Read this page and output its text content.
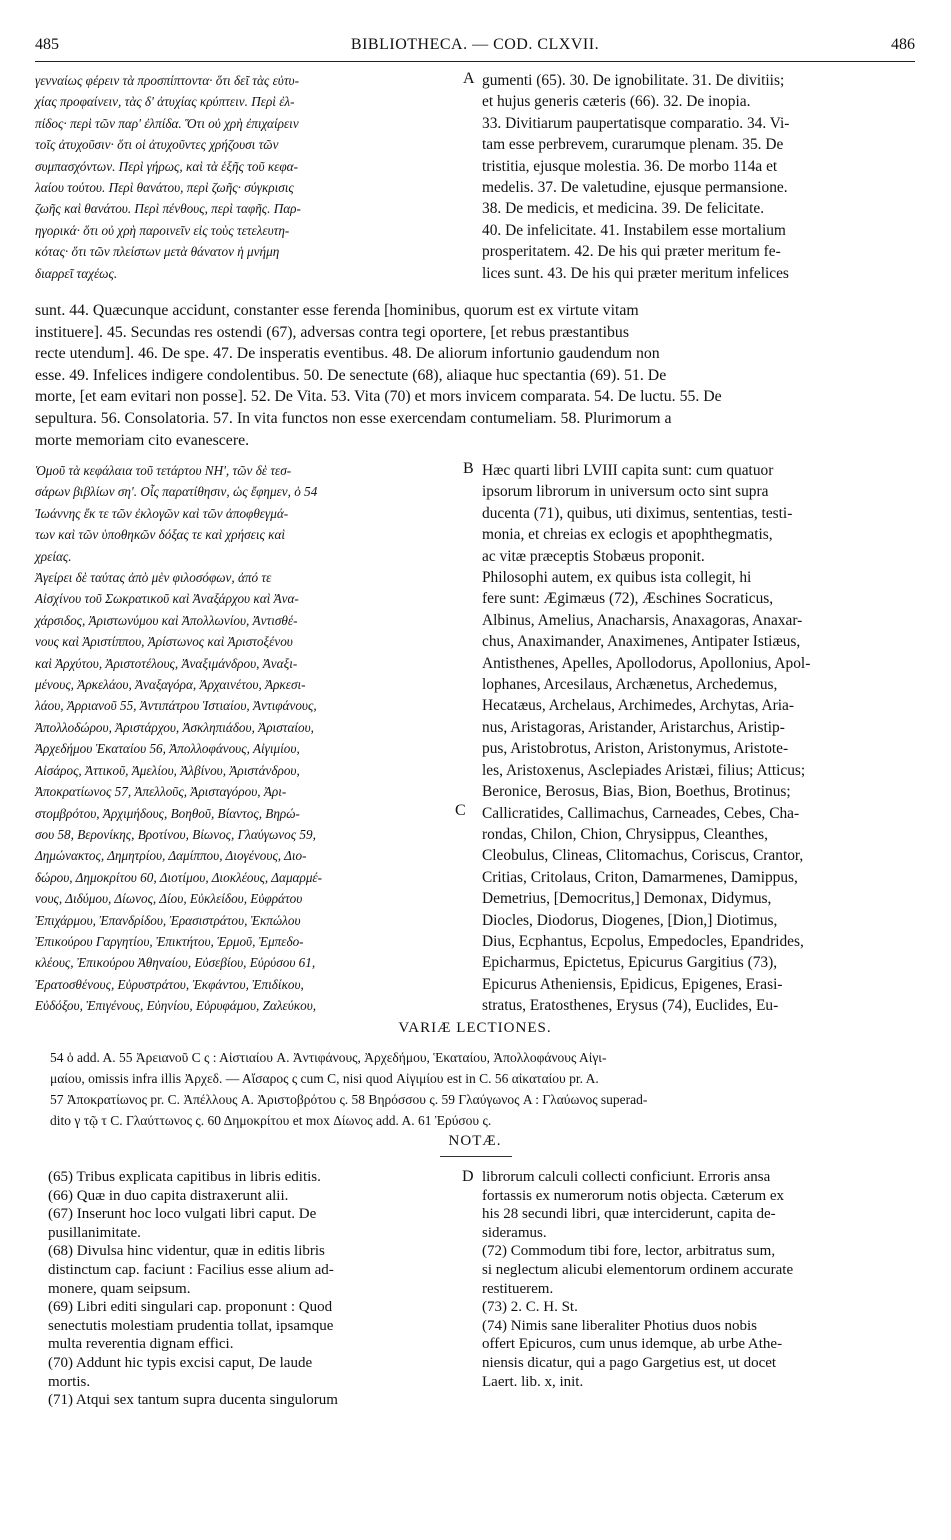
485	BIBLIOTHECA. — COD. CLXVII.	486
γενναίως φέρειν τὰ προσπίπτοντα· ὅτι δεῖ τὰς εὐτυ-
χίας προφαίνειν, τὰς δ' ἀτυχίας κρύπτειν. Περὶ ἐλ-
πίδος· περὶ τῶν παρ' ἐλπίδα. Ὅτι οὐ χρὴ ἐπιχαίρειν
τοῖς ἀτυχοῦσιν· ὅτι οἱ ἀτυχοῦντες χρήζουσι τῶν
συμπασχόντων. Περὶ γήρως, καὶ τὰ ἑξῆς τοῦ κεφα-
λαίου τούτου. Περὶ θανάτου, περὶ ζωῆς· σύγκρισις
ζωῆς καὶ θανάτου. Περὶ πένθους, περὶ ταφῆς. Παρ-
ηγορικά· ὅτι οὐ χρὴ παροινεῖν εἰς τοὺς τετελευτη-
κότας· ὅτι τῶν πλείστων μετὰ θάνατον ἡ μνήμη
διαρρεῖ ταχέως.
A gumenti (65). 30. De ignobilitate. 31. De divitiis;
et hujus generis cæteris (66). 32. De inopia.
33. Divitiarum paupertatisque comparatio. 34. Vi-
tam esse perbrevem, curarumque plenam. 35. De
tristitia, ejusque molestia. 36. De morbo 114a et
medelis. 37. De valetudine, ejusque permansione.
38. De medicis, et medicina. 39. De felicitate.
40. De infelicitate. 41. Instabilem esse mortalium
prosperitatem. 42. De his qui præter meritum fe-
lices sunt. 43. De his qui præter meritum infelices
sunt. 44. Quæcunque accidunt, constanter esse ferenda [hominibus, quorum est ex virtute vitam
instituere]. 45. Secundas res ostendi (67), adversas contra tegi oportere, [et rebus præstantibus
recte utendum]. 46. De spe. 47. De insperatis eventibus. 48. De aliorum infortunio gaudendum non
esse. 49. Infelices indigere condolentibus. 50. De senectute (68), aliaque huc spectantia (69). 51. De
morte, [et eam evitari non posse]. 52. De Vita. 53. Vita (70) et mors invicem comparata. 54. De luctu. 55. De
sepultura. 56. Consolatoria. 57. In vita functos non esse exercendam contumeliam. 58. Plurimorum a
morte memoriam cito evanescere.
Ὁμοῦ τὰ κεφάλαια τοῦ τετάρτου ΝΗ', τῶν δὲ τεσ-
σάρων βιβλίων ση'. Οἷς παρατίθησιν, ὡς ἔφημεν, ὁ 54
Ἰωάννης ἔκ τε τῶν ἐκλογῶν καὶ τῶν ἀποφθεγμά-
των καὶ τῶν ὑποθηκῶν δόξας τε καὶ χρήσεις καὶ
χρείας.
Ἀγείρει δὲ ταύτας ἀπὸ μὲν φιλοσόφων, ἀπό τε
Αἰσχίνου τοῦ Σωκρατικοῦ καὶ Ἀναξάρχου καὶ Ἀνα-
χάρσιδος, Ἀριστωνύμου καὶ Ἀπολλωνίου, Ἀντισθέ-
νους καὶ Ἀριστίππου, Ἀρίστωνος καὶ Ἀριστοξένου
καὶ Ἀρχύτου, Ἀριστοτέλους, Ἀναξιμάνδρου, Ἀναξι-
μένους, Ἀρκελάου, Ἀναξαγόρα, Ἀρχαινέτου, Ἀρκεσι-
λάου, Ἀρριανοῦ 55, Ἀντιπάτρου Ἱστιαίου, Ἀντιφάνους,
Ἀπολλοδώρου, Ἀριστάρχου, Ἀσκληπιάδου, Ἀρισταίου,
Ἀρχεδήμου Ἑκαταίου 56, Ἀπολλοφάνους, Αἰγιμίου,
Αἰσάρος, Ἀττικοῦ, Ἀμελίου, Ἀλβίνου, Ἀριστάνδρου,
Ἀποκρατίωνος 57, Ἀπελλοῦς, Ἀρισταγόρου, Ἀρι-
στομβρότου, Ἀρχιμήδους, Βοηθοῦ, Βίαντος, Βηρώ-
σου 58, Βερονίκης, Βροτίνου, Βίωνος, Γλαύγωνος 59,
Δημώνακτος, Δημητρίου, Δαμίππου, Διογένους, Διο-
δώρου, Δημοκρίτου 60, Διοτίμου, Διοκλέους, Δαμαρμέ-
νους, Διδύμου, Δίωνος, Δίου, Εὐκλείδου, Εὐφράτου
Ἐπιχάρμου, Ἐπανδρίδου, Ἐρασιστράτου, Ἐκπώλου
Ἐπικούρου Γαργητίου, Ἐπικτήτου, Ἑρμοῦ, Ἐμπεδο-
κλέους, Ἐπικούρου Ἀθηναίου, Εὐσεβίου, Εὐρύσου 61,
Ἐρατοσθένους, Εὐρυστράτου, Ἐκφάντου, Ἐπιδίκου,
Εὐδόξου, Ἐπιγένους, Εὐηνίου, Εὐρυφάμου, Ζαλεύκου,
B
C
Hæc quarti libri LVIII capita sunt: cum quatuor
ipsorum librorum in universum octo sint supra
ducenta (71), quibus, uti diximus, sententias, testi-
monia, et chreias ex eclogis et apophthegmatis,
ac vitæ præceptis Stobæus proponit.
Philosophi autem, ex quibus ista collegit, hi
fere sunt: Ægimæus (72), Æschines Socraticus,
Albinus, Amelius, Anacharsis, Anaxagoras, Anaxar-
chus, Anaximander, Anaximenes, Antipater Istiæus,
Antisthenes, Apelles, Apollodorus, Apollonius, Apol-
lophanes, Arcesilaus, Archænetus, Archedemus,
Hecatæus, Archelaus, Archimedes, Archytas, Aria-
nus, Aristagoras, Aristander, Aristarchus, Aristip-
pus, Aristobrotus, Ariston, Aristonymus, Aristote-
les, Aristoxenus, Asclepiades Aristæi, filius; Atticus;
Beronice, Berosus, Bias, Bion, Boethus, Brotinus;
Callicratides, Callimachus, Carneades, Cebes, Cha-
rondas, Chilon, Chion, Chrysippus, Cleanthes,
Cleobulus, Clineas, Clitomachus, Coriscus, Crantor,
Critias, Critolaus, Criton, Damarmenes, Damippus,
Demetrius, [Democritus,] Demonax, Didymus,
Diocles, Diodorus, Diogenes, [Dion,] Diotimus,
Dius, Ecphantus, Ecpolus, Empedocles, Epandrides,
Epicharmus, Epictetus, Epicurus Gargitius (73),
Epicurus Atheniensis, Epidicus, Epigenes, Erasi-
stratus, Eratosthenes, Erysus (74), Euclides, Eu-
VARIÆ LECTIONES.
54 ὁ add. A. 55 Ἀρειανοῦ C ς : Αἰστιαίου A. Ἀντιφάνους, Ἀρχεδήμου, Ἑκαταίου, Ἀπολλοφάνους Αἰγι-
μαίου, omissis infra illis Ἀρχεδ. — Αἴσαρος ς cum C, nisi quod Αἰγιμίου est in C. 56 αἰκαταίου pr. A.
57 Ἀποκρατίωνος pr. C. Ἀπέλλους A. Ἀριστοβρότου ς. 58 Βηρόσσου ς. 59 Γλαύγωνος A : Γλαύωνος superad-
dito γ τῷ τ C. Γλαύττωνος ς. 60 Δημοκρίτου et mox Δίωνος add. A. 61 Ἐρύσου ς.
NOTÆ.
(65) Tribus explicata capitibus in libris editis.
(66) Quæ in duo capita distraxerunt alii.
(67) Inserunt hoc loco vulgati libri caput. De
pusillanimitate.
(68) Divulsa hinc videntur, quæ in editis libris
distinctum cap. faciunt : Facilius esse alium ad-
monere, quam seipsum.
(69) Libri editi singulari cap. proponunt : Quod
senectutis molestiam prudentia tollat, ipsamque
multa reverentia dignam effici.
(70) Addunt hic typis excisi caput, De laude
mortis.
(71) Atqui sex tantum supra ducenta singulorum
D librorum calculi collecti conficiunt. Erroris ansa
fortassis ex numerorum notis objecta. Cæterum ex
his 28 secundi libri, quæ interciderunt, capita de-
sideramus.
(72) Commodum tibi fore, lector, arbitratus sum,
si neglectum alicubi elementorum ordinem accurate
restituerem.
(73) 2. C. H. St.
(74) Nimis sane liberaliter Photius duos nobis
offert Epicuros, cum unus idemque, ab urbe Athe-
niensis dicatur, qui a pago Gargetius est, ut docet
Laert. lib. x, init.
